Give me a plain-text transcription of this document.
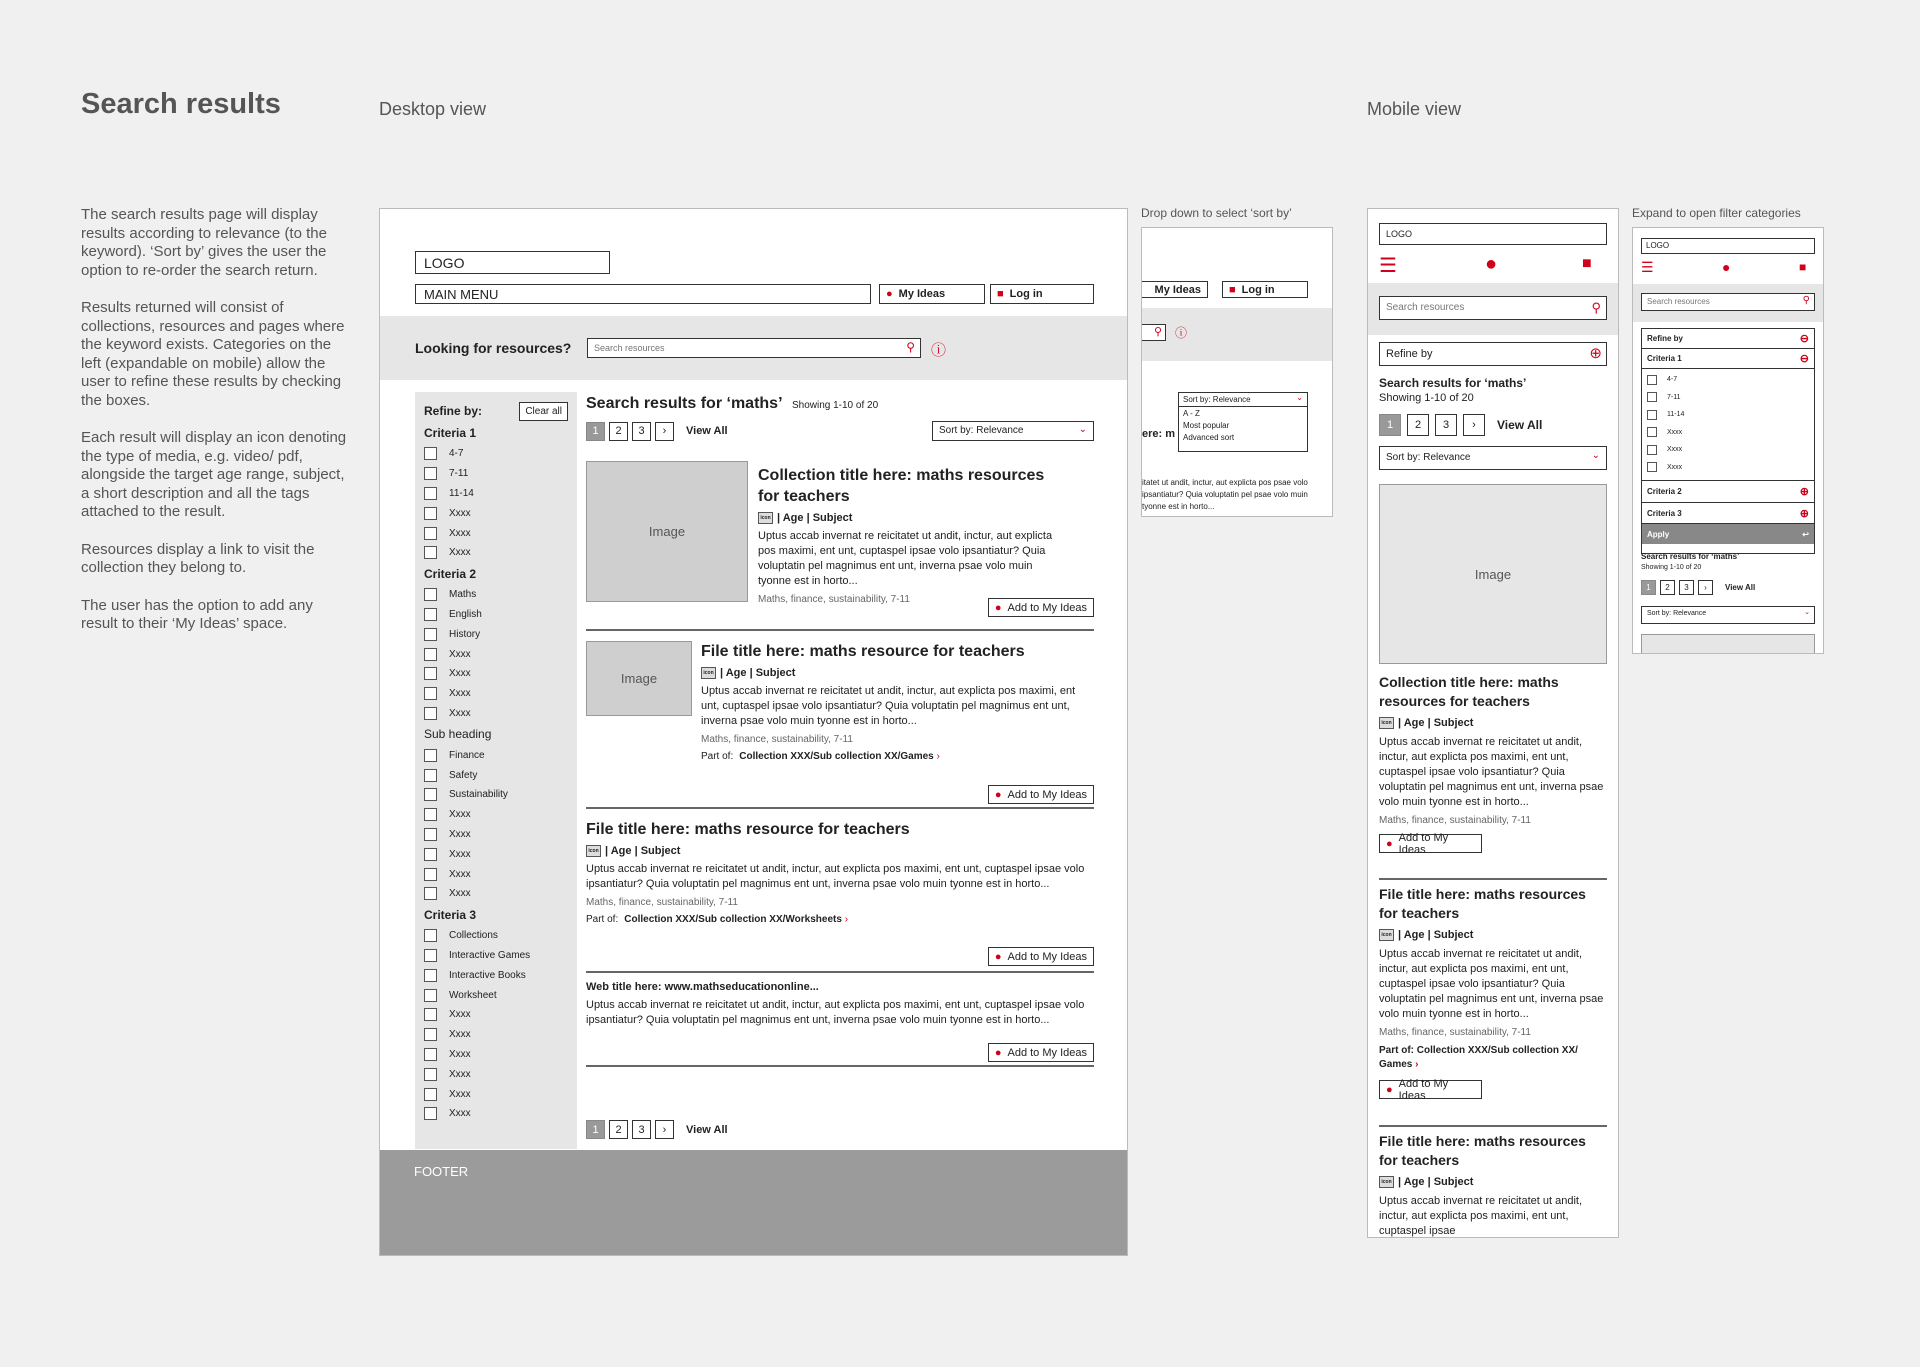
Search results	Desktop view	Mobile view
Drop down to select ‘sort by’	Expand to open filter categories

The search results page will display results according to relevance (to the keyword). ‘Sort by’ gives the user the option to re-order the search return.

Results returned will consist of collections, resources and pages where the keyword exists. Categories on the left (expandable on mobile) allow the user to refine these results by checking the boxes.

Each result will display an icon denoting the type of media, e.g. video/ pdf, alongside the target age range, subject, a short description and all the tags attached to the result.

Resources display a link to visit the collection they belong to.

The user has the option to add any result to their ‘My Ideas’ space.

LOGO
MAIN MENU	● My Ideas	■ Log in
Looking for resources?	Search resources	⚲ ⓘ
Refine by:	Clear all
Criteria 1
4-7
7-11
11-14
Xxxx
Xxxx
Xxxx
Criteria 2
Maths
English
History
Xxxx
Xxxx
Xxxx
Xxxx
Sub heading
Finance
Safety
Sustainability
Xxxx
Xxxx
Xxxx
Xxxx
Xxxx
Criteria 3
Collections
Interactive Games
Interactive Books
Worksheet
Xxxx
Xxxx
Xxxx
Xxxx
Xxxx
Xxxx
Search results for ‘maths’ Showing 1-10 of 20
1	2	3	›	View All	Sort by: Relevance	⌄
Image
Collection title here: maths resources for teachers
icon | Age | Subject
Uptus accab invernat re reicitatet ut andit, inctur, aut explicta pos maximi, ent unt, cuptaspel ipsae volo ipsantiatur? Quia voluptatin pel magnimus ent unt, inverna psae volo muin tyonne est in horto...
Maths, finance, sustainability, 7-11
● Add to My Ideas
Image
File title here: maths resource for teachers
icon | Age | Subject
Uptus accab invernat re reicitatet ut andit, inctur, aut explicta pos maximi, ent unt, cuptaspel ipsae volo ipsantiatur? Quia voluptatin pel magnimus ent unt, inverna psae volo muin tyonne est in horto...
Maths, finance, sustainability, 7-11
Part of: Collection XXX/Sub collection XX/Games ›
● Add to My Ideas
File title here: maths resource for teachers
icon | Age | Subject
Uptus accab invernat re reicitatet ut andit, inctur, aut explicta pos maximi, ent unt, cuptaspel ipsae volo ipsantiatur? Quia voluptatin pel magnimus ent unt, inverna psae volo muin tyonne est in horto...
Maths, finance, sustainability, 7-11
Part of: Collection XXX/Sub collection XX/Worksheets ›
● Add to My Ideas
Web title here: www.mathseducationonline...
Uptus accab invernat re reicitatet ut andit, inctur, aut explicta pos maximi, ent unt, cuptaspel ipsae volo ipsantiatur? Quia voluptatin pel magnimus ent unt, inverna psae volo muin tyonne est in horto...
● Add to My Ideas
1	2	3	›	View All
FOOTER
My Ideas	■ Log in
⚲ ⓘ
ere: m
Sort by: Relevance	⌄
A - Z
Most popular
Advanced sort
itatet ut andit, inctur, aut explicta pos psae volo ipsantiatur? Quia voluptatin pel psae volo muin tyonne est in horto...
LOGO
☰	●	■
Search resources	⚲
Refine by	⊕
Search results for ‘maths’
Showing 1-10 of 20
1	2	3	›	View All
Sort by: Relevance	⌄
Image
Collection title here: maths resources for teachers
icon | Age | Subject
Uptus accab invernat re reicitatet ut andit, inctur, aut explicta pos maximi, ent unt, cuptaspel ipsae volo ipsantiatur? Quia voluptatin pel magnimus ent unt, inverna psae volo muin tyonne est in horto...
Maths, finance, sustainability, 7-11
● Add to My Ideas
File title here: maths resources for teachers
icon | Age | Subject
Uptus accab invernat re reicitatet ut andit, inctur, aut explicta pos maximi, ent unt, cuptaspel ipsae volo ipsantiatur? Quia voluptatin pel magnimus ent unt, inverna psae volo muin tyonne est in horto...
Maths, finance, sustainability, 7-11
Part of: Collection XXX/Sub collection XX/ Games ›
● Add to My Ideas
File title here: maths resources for teachers
icon | Age | Subject
Uptus accab invernat re reicitatet ut andit, inctur, aut explicta pos maximi, ent unt, cuptaspel ipsae
LOGO
☰	●	■
Search resources	⚲
Refine by	⊖
Criteria 1	⊖
4-7
7-11
11-14
Xxxx
Xxxx
Xxxx
Criteria 2	⊕
Criteria 3	⊕
Apply	↩
Search results for ‘maths’
Showing 1-10 of 20
1	2	3	›	View All
Sort by: Relevance	⌄
